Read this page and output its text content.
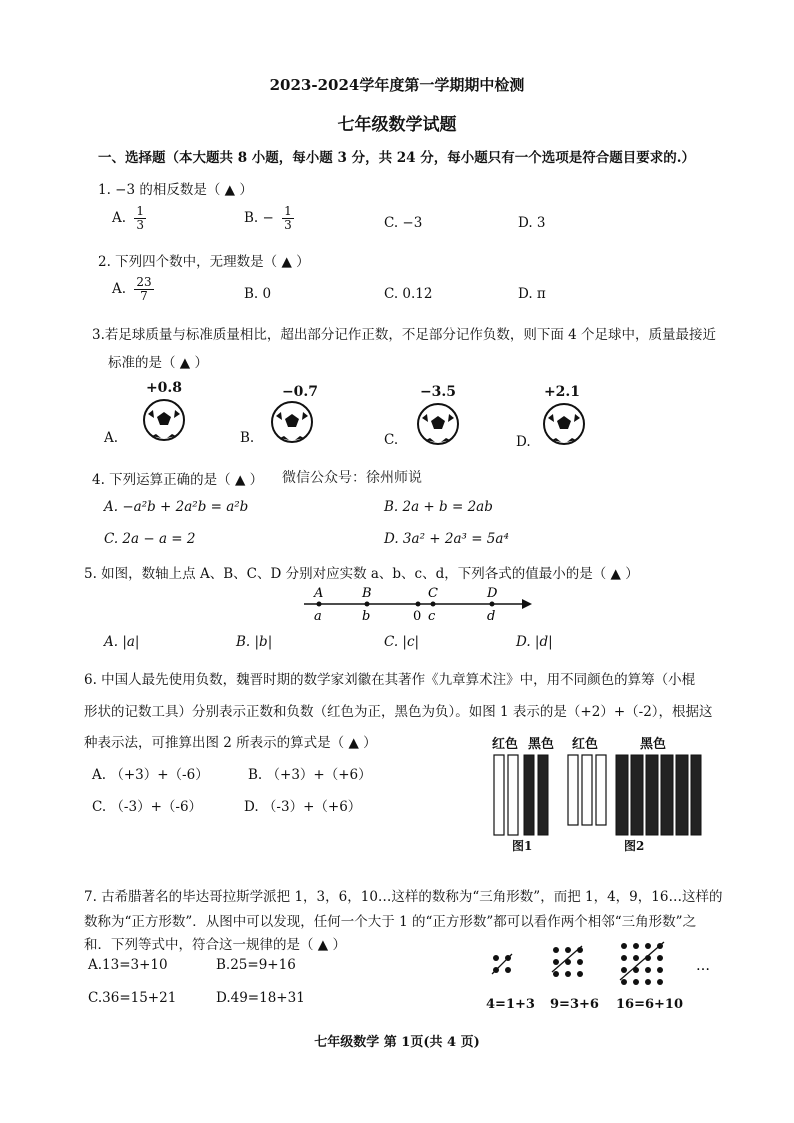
2023-2024学年度第一学期期中检测
七年级数学试题
一、选择题（本大题共 8 小题，每小题 3 分，共 24 分，每小题只有一个选项是符合题目要求的.）
1. −3 的相反数是（ ▲ ）
A. $\frac{1}{3}$	B. − $\frac{1}{3}$	C. −3	D. 3
2. 下列四个数中，无理数是（ ▲ ）
A. $\frac{23}{7}$	B. 0	C. 0.12̇	D. π
3.若足球质量与标准质量相比，超出部分记作正数，不足部分记作负数，则下面 4 个足球中，质量最接近
标准的是（ ▲ ）
A.
+0.8
B.
−0.7
C.
−3.5
D.
+2.1
4. 下列运算正确的是（ ▲ ） 微信公众号：徐州师说
A. −a²b + 2a²b = a²b	B. 2a + b = 2ab
C. 2a − a = 2	D. 3a² + 2a³ = 5a⁴
5. 如图，数轴上点 A、B、C、D 分别对应实数 a、b、c、d，下列各式的值最小的是（ ▲ ）
A
a
B
b	0
C
c
D
d
A. |a|	B. |b|	C. |c|	D. |d|
6. 中国人最先使用负数，魏晋时期的数学家刘徽在其著作《九章算术注》中，用不同颜色的算筹（小棍
形状的记数工具）分别表示正数和负数（红色为正，黑色为负）。如图 1 表示的是（+2）+（-2），根据这
种表示法，可推算出图 2 所表示的算式是（ ▲ ）
A. （+3）+（-6）	B. （+3）+（+6）
C. （-3）+（-6）	D. （-3）+（+6）
红色 黑色 红色	黑色
图1	图2
7. 古希腊著名的毕达哥拉斯学派把 1，3，6，10…这样的数称为“三角形数”，而把 1，4，9，16…这样的
数称为“正方形数”．从图中可以发现，任何一个大于 1 的“正方形数”都可以看作两个相邻“三角形数”之
和．下列等式中，符合这一规律的是（ ▲ ）
A.13=3+10	B.25=9+16
C.36=15+21	D.49=18+31
…
4=1+3 9=3+6 16=6+10
七年级数学 第 1页(共 4 页)
